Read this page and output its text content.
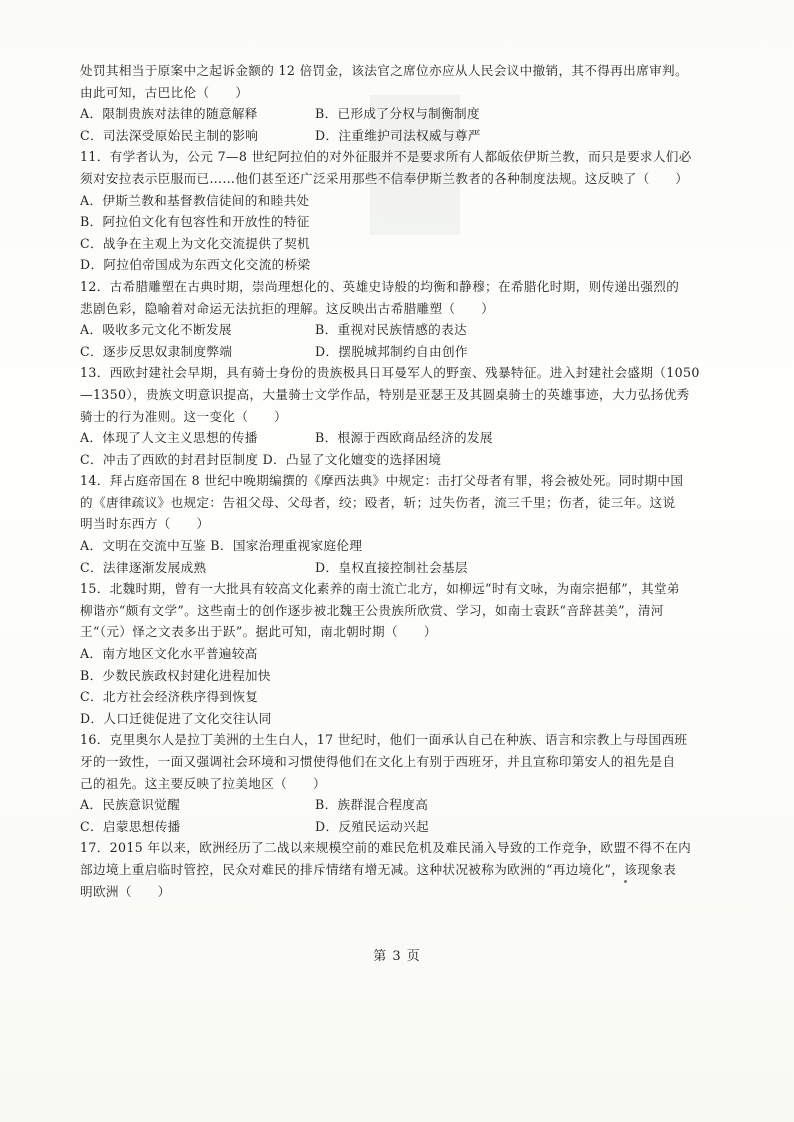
处罚其相当于原案中之起诉金额的 12 倍罚金，该法官之席位亦应从人民会议中撤销，其不得再出席审判。
由此可知，古巴比伦（　　）
A．限制贵族对法律的随意解释	B．已形成了分权与制衡制度
C．司法深受原始民主制的影响	D．注重维护司法权威与尊严
11．有学者认为，公元 7—8 世纪阿拉伯的对外征服并不是要求所有人都皈依伊斯兰教，而只是要求人们必
须对安拉表示臣服而已……他们甚至还广泛采用那些不信奉伊斯兰教者的各种制度法规。这反映了（　　）
A．伊斯兰教和基督教信徒间的和睦共处
B．阿拉伯文化有包容性和开放性的特征
C．战争在主观上为文化交流提供了契机
D．阿拉伯帝国成为东西文化交流的桥梁
12．古希腊雕塑在古典时期，崇尚理想化的、英雄史诗般的均衡和静穆；在希腊化时期，则传递出强烈的
悲剧色彩，隐喻着对命运无法抗拒的理解。这反映出古希腊雕塑（　　）
A．吸收多元文化不断发展	B．重视对民族情感的表达
C．逐步反思奴隶制度弊端	D．摆脱城邦制约自由创作
13．西欧封建社会早期，具有骑士身份的贵族极具日耳曼军人的野蛮、残暴特征。进入封建社会盛期（1050
—1350），贵族文明意识提高，大量骑士文学作品，特别是亚瑟王及其圆桌骑士的英雄事迹，大力弘扬优秀
骑士的行为准则。这一变化（　　）
A．体现了人文主义思想的传播	B．根源于西欧商品经济的发展
C．冲击了西欧的封君封臣制度 D．凸显了文化嬗变的选择困境
14．拜占庭帝国在 8 世纪中晚期编撰的《摩西法典》中规定：击打父母者有罪，将会被处死。同时期中国
的《唐律疏议》也规定：告祖父母、父母者，绞；殴者，斩；过失伤者，流三千里；伤者，徒三年。这说
明当时东西方（　　）
A．文明在交流中互鉴 B．国家治理重视家庭伦理
C．法律逐渐发展成熟	D．皇权直接控制社会基层
15．北魏时期，曾有一大批具有较高文化素养的南士流亡北方，如柳远“时有文咏，为南宗挹郁”，其堂弟
柳谐亦“颇有文学”。这些南士的创作逐步被北魏王公贵族所欣赏、学习，如南士袁跃“音辞甚美”，清河
王“（元）怿之文表多出于跃”。据此可知，南北朝时期（　　）
A．南方地区文化水平普遍较高
B．少数民族政权封建化进程加快
C．北方社会经济秩序得到恢复
D．人口迁徙促进了文化交往认同
16．克里奥尔人是拉丁美洲的土生白人，17 世纪时，他们一面承认自己在种族、语言和宗教上与母国西班
牙的一致性，一面又强调社会环境和习惯使得他们在文化上有别于西班牙，并且宣称印第安人的祖先是自
己的祖先。这主要反映了拉美地区（　　）
A．民族意识觉醒	B．族群混合程度高
C．启蒙思想传播	D．反殖民运动兴起
17．2015 年以来，欧洲经历了二战以来规模空前的难民危机及难民涌入导致的工作竞争，欧盟不得不在内
部边境上重启临时管控，民众对难民的排斥情绪有增无减。这种状况被称为欧洲的“再边境化”，该现象表
明欧洲（　　）
第 3 页
